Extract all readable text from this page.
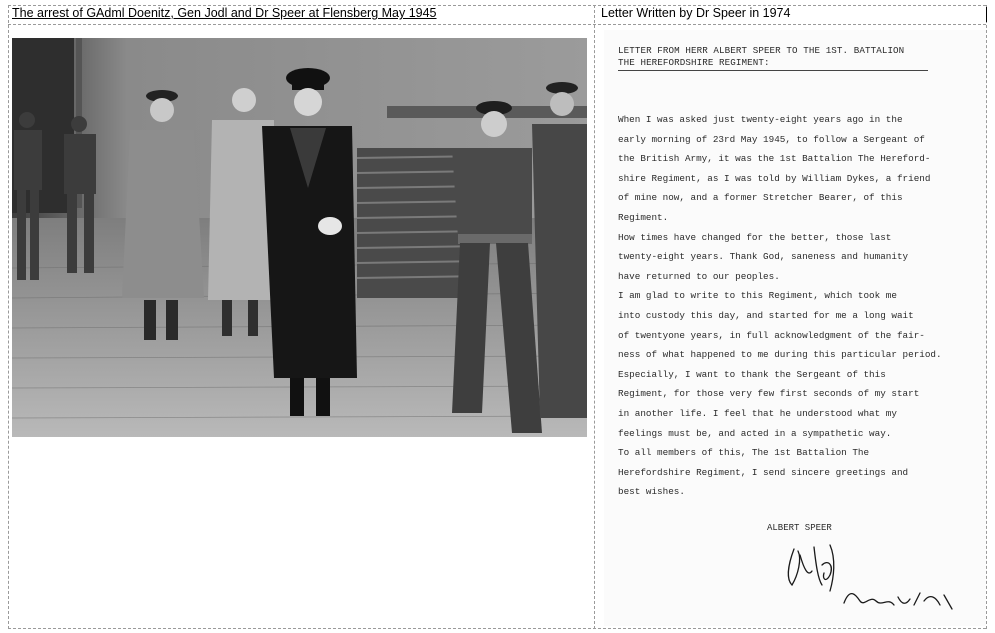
The arrest of GAdml Doenitz, Gen Jodl and Dr Speer at Flensberg May 1945	Letter Written by Dr Speer in 1974
LETTER FROM HERR ALBERT SPEER TO THE 1ST. BATTALION
THE HEREFORDSHIRE REGIMENT:
When I was asked just twenty-eight years ago in the
early morning of 23rd May 1945, to follow a Sergeant of
the British Army, it was the 1st Battalion The Hereford-
shire Regiment, as I was told by William Dykes, a friend
of mine now, and a former Stretcher Bearer, of this
Regiment.
How times have changed for the better, those last
twenty-eight years. Thank God, saneness and humanity
have returned to our peoples.
I am glad to write to this Regiment, which took me
into custody this day, and started for me a long wait
of twentyone years, in full acknowledgment of the fair-
ness of what happened to me during this particular period.
Especially, I want to thank the Sergeant of this
Regiment, for those very few first seconds of my start
in another life. I feel that he understood what my
feelings must be, and acted in a sympathetic way.
To all members of this, The 1st Battalion The
Herefordshire Regiment, I send sincere greetings and
best wishes.
ALBERT SPEER
